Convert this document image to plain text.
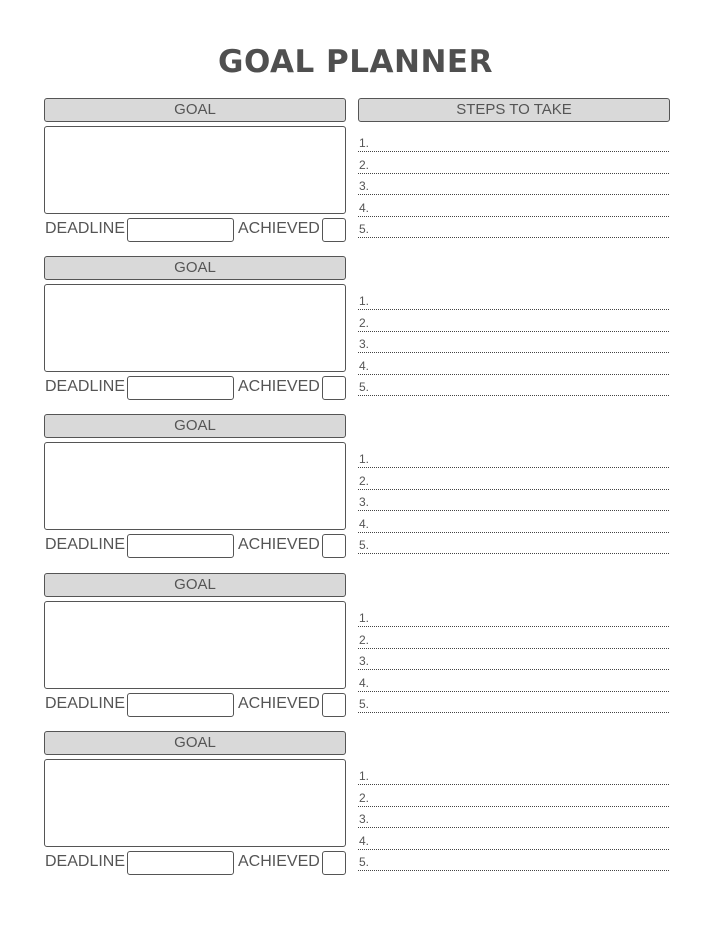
GOAL PLANNER
STEPS TO TAKE
GOAL
DEADLINE	ACHIEVED
1.
2.
3.
4.
5.
GOAL
DEADLINE	ACHIEVED
1.
2.
3.
4.
5.
GOAL
DEADLINE	ACHIEVED
1.
2.
3.
4.
5.
GOAL
DEADLINE	ACHIEVED
1.
2.
3.
4.
5.
GOAL
DEADLINE	ACHIEVED
1.
2.
3.
4.
5.
